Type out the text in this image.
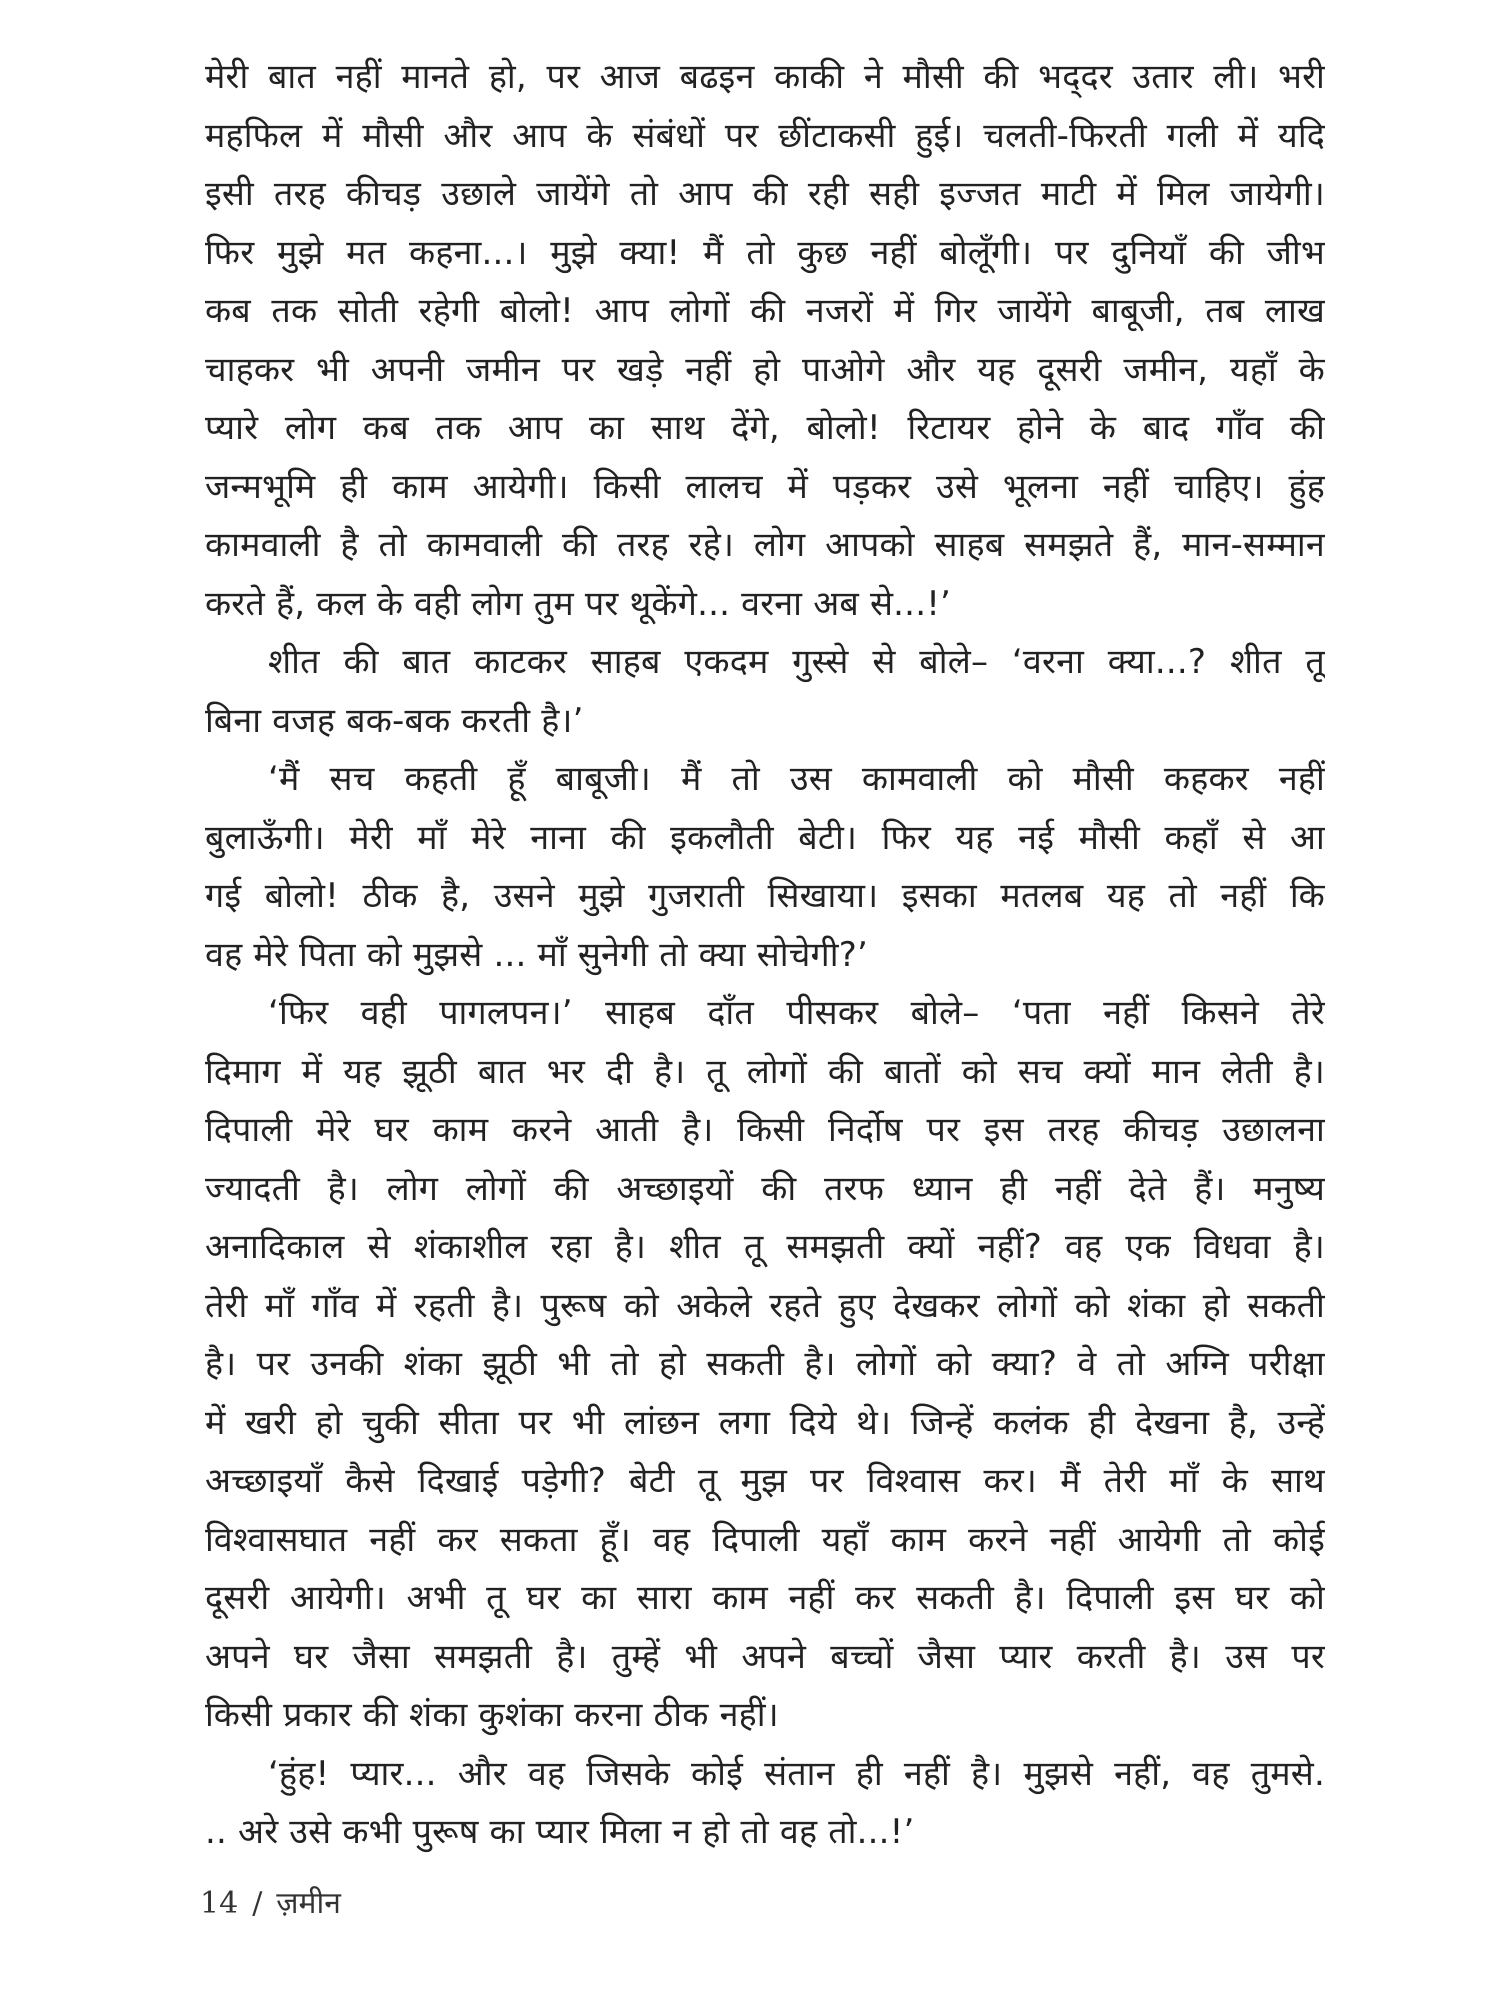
मेरी बात नहीं मानते हो, पर आज बढइन काकी ने मौसी की भद्‌दर उतार ली। भरी
महफिल में मौसी और आप के संबंधों पर छींटाकसी हुई। चलती-फिरती गली में यदि
इसी तरह कीचड़ उछाले जायेंगे तो आप की रही सही इज्जत माटी में मिल जायेगी।
फिर मुझे मत कहना...। मुझे क्या! मैं तो कुछ नहीं बोलूँगी। पर दुनियाँ की जीभ
कब तक सोती रहेगी बोलो! आप लोगों की नजरों में गिर जायेंगे बाबूजी, तब लाख
चाहकर भी अपनी जमीन पर खड़े नहीं हो पाओगे और यह दूसरी जमीन, यहाँ के
प्यारे लोग कब तक आप का साथ देंगे, बोलो! रिटायर होने के बाद गाँव की
जन्मभूमि ही काम आयेगी। किसी लालच में पड़कर उसे भूलना नहीं चाहिए। हुंह
कामवाली है तो कामवाली की तरह रहे। लोग आपको साहब समझते हैं, मान-सम्मान
करते हैं, कल के वही लोग तुम पर थूकेंगे... वरना अब से...!’
शीत की बात काटकर साहब एकदम गुस्से से बोले– ‘वरना क्या...? शीत तू
बिना वजह बक-बक करती है।’
‘मैं सच कहती हूँ बाबूजी। मैं तो उस कामवाली को मौसी कहकर नहीं
बुलाऊँगी। मेरी माँ मेरे नाना की इकलौती बेटी। फिर यह नई मौसी कहाँ से आ
गई बोलो! ठीक है, उसने मुझे गुजराती सिखाया। इसका मतलब यह तो नहीं कि
वह मेरे पिता को मुझसे ... माँ सुनेगी तो क्या सोचेगी?’
‘फिर वही पागलपन।’ साहब दाँत पीसकर बोले– ‘पता नहीं किसने तेरे
दिमाग में यह झूठी बात भर दी है। तू लोगों की बातों को सच क्यों मान लेती है।
दिपाली मेरे घर काम करने आती है। किसी निर्दोष पर इस तरह कीचड़ उछालना
ज्यादती है। लोग लोगों की अच्छाइयों की तरफ ध्यान ही नहीं देते हैं। मनुष्य
अनादिकाल से शंकाशील रहा है। शीत तू समझती क्यों नहीं? वह एक विधवा है।
तेरी माँ गाँव में रहती है। पुरूष को अकेले रहते हुए देखकर लोगों को शंका हो सकती
है। पर उनकी शंका झूठी भी तो हो सकती है। लोगों को क्या? वे तो अग्नि परीक्षा
में खरी हो चुकी सीता पर भी लांछन लगा दिये थे। जिन्हें कलंक ही देखना है, उन्हें
अच्छाइयाँ कैसे दिखाई पड़ेगी? बेटी तू मुझ पर विश्वास कर। मैं तेरी माँ के साथ
विश्वासघात नहीं कर सकता हूँ। वह दिपाली यहाँ काम करने नहीं आयेगी तो कोई
दूसरी आयेगी। अभी तू घर का सारा काम नहीं कर सकती है। दिपाली इस घर को
अपने घर जैसा समझती है। तुम्हें भी अपने बच्चों जैसा प्यार करती है। उस पर
किसी प्रकार की शंका कुशंका करना ठीक नहीं।
‘हुंह! प्यार... और वह जिसके कोई संतान ही नहीं है। मुझसे नहीं, वह तुमसे.
14 / ज़मीन
.. अरे उसे कभी पुरूष का प्यार मिला न हो तो वह तो...!’
